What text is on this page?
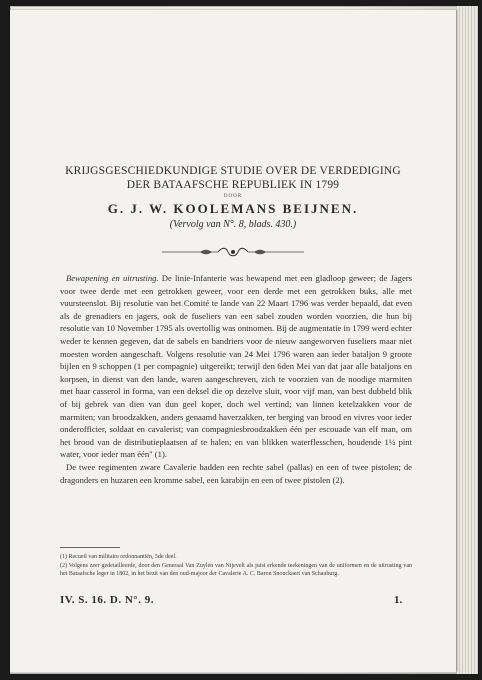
KRIJGSGESCHIEDKUNDIGE STUDIE OVER DE VERDEDIGING
DER BATAAFSCHE REPUBLIEK IN 1799
DOOR
G. J. W. KOOLEMANS BEIJNEN.
(Vervolg van N°. 8, blads. 430.)

Bewapening en uitrusting. De linie-Infanterie was bewapend met een gladloop geweer; de Jagers voor twee derde met een getrokken geweer, voor een derde met een getrokken buks, alle met vuursteenslot. Bij resolutie van het Comité te lande van 22 Maart 1796 was verder bepaald, dat even als de grenadiers en jagers, ook de fuseliers van een sabel zouden worden voorzien, die hun bij resolutie van 10 November 1795 als overtollig was ontnomen. Bij de augmentatie in 1799 werd echter weder te kennen gegeven, dat de sabels en bandriers voor de nieuw aangeworven fuseliers maar niet moesten worden aangeschaft. Volgens resolutie van 24 Mei 1796 waren aan ieder bataljon 9 groote bijlen en 9 schoppen (1 per compagnie) uitgereikt; terwijl den 6den Mei van dat jaar alle bataljons en korpsen, in dienst van den lande, waren aangeschreven, zich te voorzien van de noodige marmiten met haar casserol in forma, van een deksel die op dezelve sluit, voor vijf man, van best dubbeld blik of bij gebrek van dien van dun geel koper, doch wel vertind; van linnen ketelzakken voor de marmiten; van broodzakken, anders genaamd haverzakken, ter berging van brood en vivres voor ieder onderofficier, soldaat en cavalerist; van compagniesbroodzakken één per escouade van elf man, om het brood van de distributieplaatsen af te halen; en van blikken waterflesschen, houdende 1¼ pint water, voor ieder man één" (1).

De twee regimenten zware Cavalerie hadden een rechte sabel (pallas) en een of twee pistolen; de dragonders en huzaren een kromme sabel, een karabijn en een of twee pistolen (2).

(1) Recueil van militaire ordonnantiën, 5de deel.

(2) Volgens zeer gedetailleerde, door den Generaal Van Zuylen van Nijevelt als juist erkende teekeningen van de uniformen en de uitrusting van het Bataafsche leger in 1802, in het bezit van den oud-majoor der Cavalerie A. C. Baron Snouckaert van Schauburg.

IV. S. 16. D. N°. 9.	1.
